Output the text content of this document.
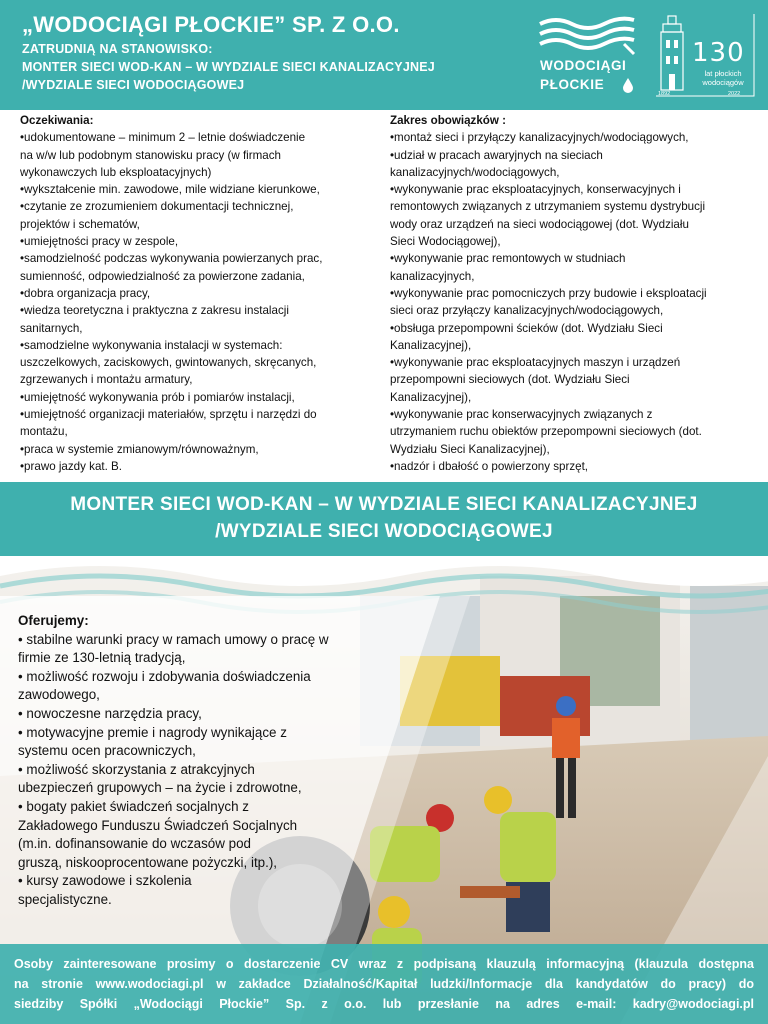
„WODOCIĄGI PŁOCKIE” SP. Z O.O.
ZATRUDNIĄ NA STANOWISKO:
MONTER SIECI WOD-KAN – W WYDZIALE SIECI KANALIZACYJNEJ
/WYDZIALE SIECI WODOCIĄGOWEJ
WODOCIĄGI
PŁOCKIE
130
lat płockich
wodociągów
1892	2022
Oczekiwania:

•udokumentowane – minimum 2 – letnie doświadczenie

na w/w lub podobnym stanowisku pracy (w firmach

wykonawczych lub eksploatacyjnych)

•wykształcenie min. zawodowe, mile widziane kierunkowe,

•czytanie ze zrozumieniem dokumentacji technicznej,

projektów i schematów,

•umiejętności pracy w zespole,

•samodzielność podczas wykonywania powierzanych prac,

sumienność, odpowiedzialność za powierzone zadania,

•dobra organizacja pracy,

•wiedza teoretyczna i praktyczna z zakresu instalacji

sanitarnych,

•samodzielne wykonywania instalacji w systemach:

uszczelkowych, zaciskowych, gwintowanych, skręcanych,

zgrzewanych i montażu armatury,

•umiejętność wykonywania prób i pomiarów instalacji,

•umiejętność organizacji materiałów, sprzętu i narzędzi do

montażu,

•praca w systemie zmianowym/równoważnym,

•prawo jazdy kat. B.

Zakres obowiązków :

•montaż sieci i przyłączy kanalizacyjnych/wodociągowych,

•udział w pracach awaryjnych na sieciach

kanalizacyjnych/wodociągowych,

•wykonywanie prac eksploatacyjnych, konserwacyjnych i

remontowych związanych z utrzymaniem systemu dystrybucji

wody oraz urządzeń na sieci wodociągowej (dot. Wydziału

Sieci Wodociągowej),

•wykonywanie prac remontowych w studniach

kanalizacyjnych,

•wykonywanie prac pomocniczych przy budowie i eksploatacji

sieci oraz przyłączy kanalizacyjnych/wodociągowych,

•obsługa przepompowni ścieków (dot. Wydziału Sieci

Kanalizacyjnej),

•wykonywanie prac eksploatacyjnych maszyn i urządzeń

przepompowni sieciowych (dot. Wydziału Sieci

Kanalizacyjnej),

•wykonywanie prac konserwacyjnych związanych z

utrzymaniem ruchu obiektów przepompowni sieciowych (dot.

Wydziału Sieci Kanalizacyjnej),

•nadzór i dbałość o powierzony sprzęt,

MONTER SIECI WOD-KAN – W WYDZIALE SIECI KANALIZACYJNEJ
/WYDZIALE SIECI WODOCIĄGOWEJ
Oferujemy:

• stabilne warunki pracy w ramach umowy o pracę w

firmie ze 130-letnią tradycją,

• możliwość rozwoju i zdobywania doświadczenia

zawodowego,

• nowoczesne narzędzia pracy,

• motywacyjne premie i nagrody wynikające z

systemu ocen pracowniczych,

• możliwość skorzystania z atrakcyjnych

ubezpieczeń grupowych – na życie i zdrowotne,

• bogaty pakiet świadczeń socjalnych z

Zakładowego Funduszu Świadczeń Socjalnych

(m.in. dofinansowanie do wczasów pod

gruszą, niskooprocentowane pożyczki, itp.),

• kursy zawodowe i szkolenia

specjalistyczne.

Osoby zainteresowane prosimy o dostarczenie CV wraz z podpisaną klauzulą informacyjną (klauzula dostępna
na stronie www.wodociagi.pl w zakładce Działalność/Kapitał ludzki/Informacje dla kandydatów do pracy) do
siedziby Spółki „Wodociągi Płockie” Sp. z o.o. lub przesłanie na adres e-mail: kadry@wodociagi.pl
